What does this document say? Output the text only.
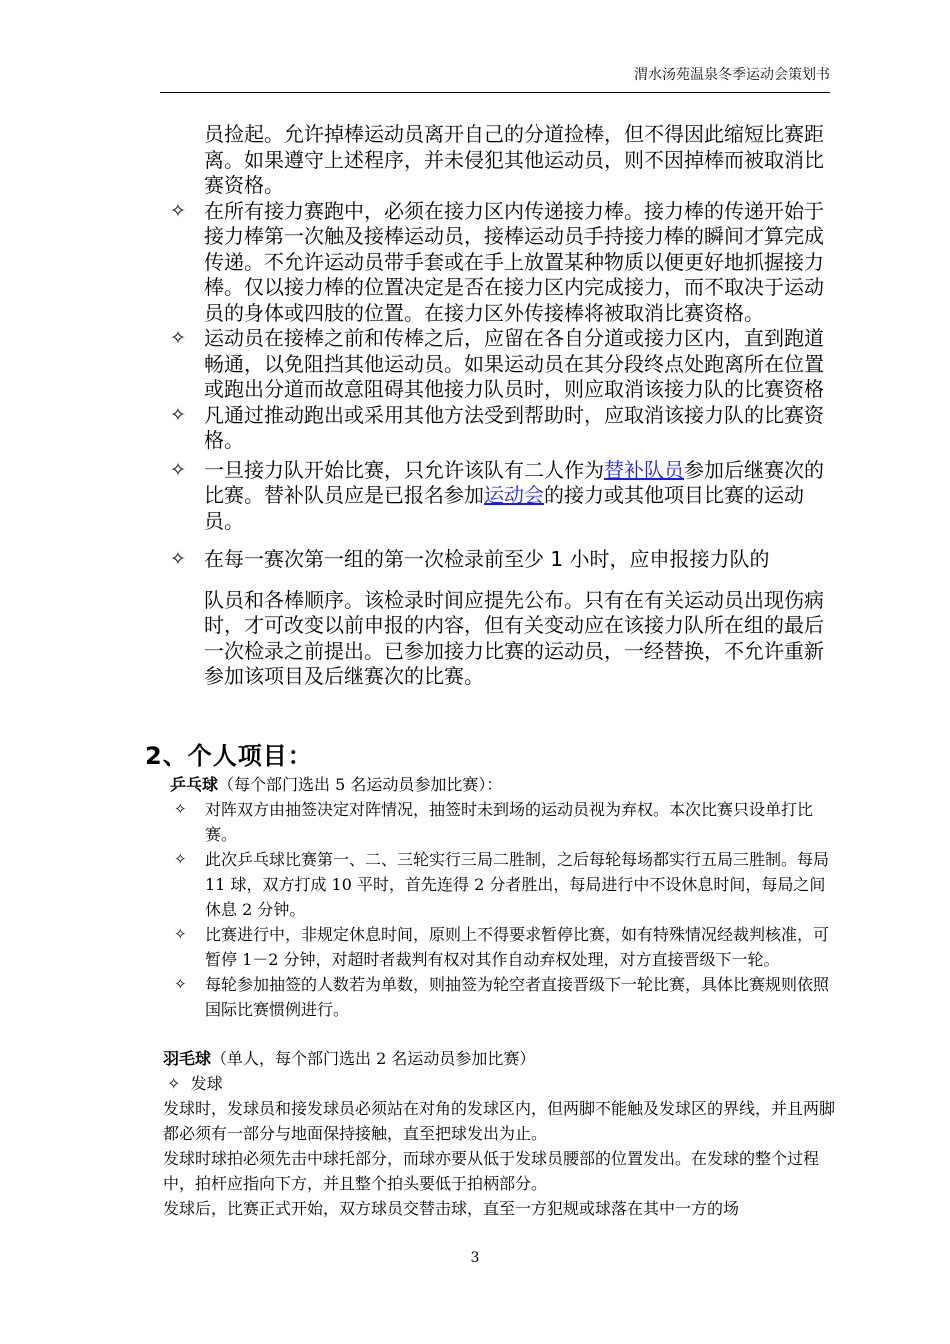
渭水汤苑温泉冬季运动会策划书
员捡起。允许掉棒运动员离开自己的分道捡棒，但不得因此缩短比赛距离。如果遵守上述程序，并未侵犯其他运动员，则不因掉棒而被取消比赛资格。
✧ 在所有接力赛跑中，必须在接力区内传递接力棒。接力棒的传递开始于接力棒第一次触及接棒运动员，接棒运动员手持接力棒的瞬间才算完成传递。不允许运动员带手套或在手上放置某种物质以便更好地抓握接力棒。仅以接力棒的位置决定是否在接力区内完成接力，而不取决于运动员的身体或四肢的位置。在接力区外传接棒将被取消比赛资格。
✧ 运动员在接棒之前和传棒之后，应留在各自分道或接力区内，直到跑道畅通，以免阻挡其他运动员。如果运动员在其分段终点处跑离所在位置或跑出分道而故意阻碍其他接力队员时，则应取消该接力队的比赛资格
✧ 凡通过推动跑出或采用其他方法受到帮助时，应取消该接力队的比赛资格。
✧ 一旦接力队开始比赛，只允许该队有二人作为替补队员参加后继赛次的比赛。替补队员应是已报名参加运动会的接力或其他项目比赛的运动员。
✧ 在每一赛次第一组的第一次检录前至少 1 小时，应申报接力队的
队员和各棒顺序。该检录时间应提先公布。只有在有关运动员出现伤病时，才可改变以前申报的内容，但有关变动应在该接力队所在组的最后一次检录之前提出。已参加接力比赛的运动员，一经替换，不允许重新参加该项目及后继赛次的比赛。
2、个人项目：
乒乓球（每个部门选出 5 名运动员参加比赛）：
✧ 对阵双方由抽签决定对阵情况，抽签时未到场的运动员视为弃权。本次比赛只设单打比赛。
✧ 此次乒乓球比赛第一、二、三轮实行三局二胜制，之后每轮每场都实行五局三胜制。每局 11 球，双方打成 10 平时，首先连得 2 分者胜出，每局进行中不设休息时间，每局之间休息 2 分钟。
✧ 比赛进行中，非规定休息时间，原则上不得要求暂停比赛，如有特殊情况经裁判核准，可暂停 1－2 分钟，对超时者裁判有权对其作自动弃权处理，对方直接晋级下一轮。
✧ 每轮参加抽签的人数若为单数，则抽签为轮空者直接晋级下一轮比赛，具体比赛规则依照国际比赛惯例进行。
羽毛球（单人，每个部门选出 2 名运动员参加比赛）
✧ 发球
发球时，发球员和接发球员必须站在对角的发球区内，但两脚不能触及发球区的界线，并且两脚都必须有一部分与地面保持接触，直至把球发出为止。
发球时球拍必须先击中球托部分，而球亦要从低于发球员腰部的位置发出。在发球的整个过程中，拍杆应指向下方，并且整个拍头要低于拍柄部分。
发球后，比赛正式开始，双方球员交替击球，直至一方犯规或球落在其中一方的场
3
